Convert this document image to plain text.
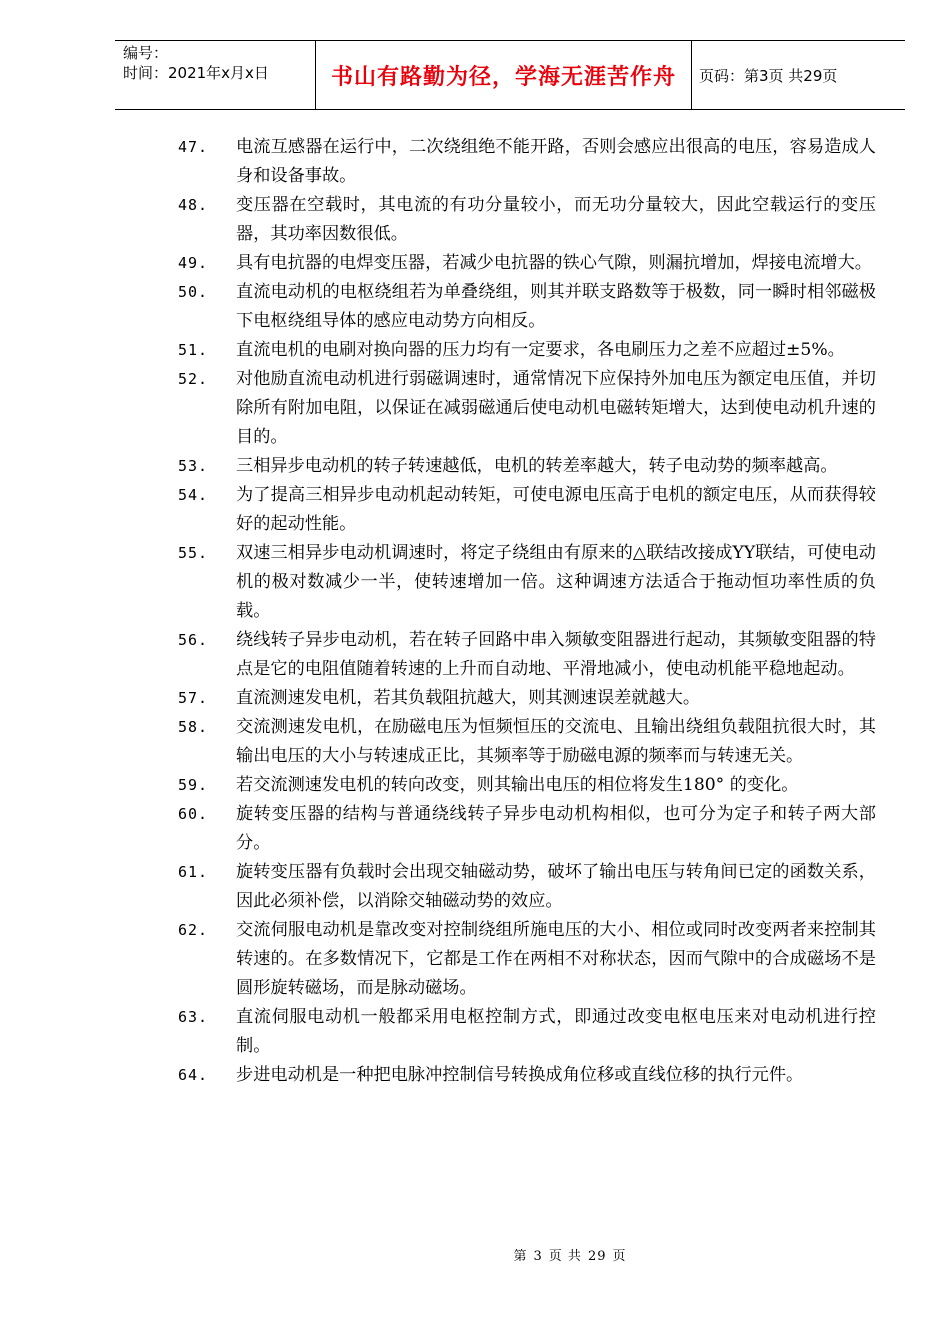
编号：
时间：2021年x月x日	书山有路勤为径，学海无涯苦作舟	页码：第3页 共29页
47.	电流互感器在运行中，二次绕组绝不能开路，否则会感应出很高的电压，容易造成人身和设备事故。
48.	变压器在空载时，其电流的有功分量较小，而无功分量较大，因此空载运行的变压器，其功率因数很低。
49.	具有电抗器的电焊变压器，若减少电抗器的铁心气隙，则漏抗增加，焊接电流增大。
50.	直流电动机的电枢绕组若为单叠绕组，则其并联支路数等于极数，同一瞬时相邻磁极下电枢绕组导体的感应电动势方向相反。
51.	直流电机的电刷对换向器的压力均有一定要求，各电刷压力之差不应超过±5%。
52.	对他励直流电动机进行弱磁调速时，通常情况下应保持外加电压为额定电压值，并切除所有附加电阻，以保证在减弱磁通后使电动机电磁转矩增大，达到使电动机升速的目的。
53.	三相异步电动机的转子转速越低，电机的转差率越大，转子电动势的频率越高。
54.	为了提高三相异步电动机起动转矩，可使电源电压高于电机的额定电压，从而获得较好的起动性能。
55.	双速三相异步电动机调速时，将定子绕组由有原来的△联结改接成YY联结，可使电动机的极对数减少一半，使转速增加一倍。这种调速方法适合于拖动恒功率性质的负载。
56.	绕线转子异步电动机，若在转子回路中串入频敏变阻器进行起动，其频敏变阻器的特点是它的电阻值随着转速的上升而自动地、平滑地减小，使电动机能平稳地起动。
57.	直流测速发电机，若其负载阻抗越大，则其测速误差就越大。
58.	交流测速发电机，在励磁电压为恒频恒压的交流电、且输出绕组负载阻抗很大时，其输出电压的大小与转速成正比，其频率等于励磁电源的频率而与转速无关。
59.	若交流测速发电机的转向改变，则其输出电压的相位将发生180° 的变化。
60.	旋转变压器的结构与普通绕线转子异步电动机构相似，也可分为定子和转子两大部分。
61.	旋转变压器有负载时会出现交轴磁动势，破坏了输出电压与转角间已定的函数关系，因此必须补偿，以消除交轴磁动势的效应。
62.	交流伺服电动机是靠改变对控制绕组所施电压的大小、相位或同时改变两者来控制其转速的。在多数情况下，它都是工作在两相不对称状态，因而气隙中的合成磁场不是圆形旋转磁场，而是脉动磁场。
63.	直流伺服电动机一般都采用电枢控制方式，即通过改变电枢电压来对电动机进行控制。
64.	步进电动机是一种把电脉冲控制信号转换成角位移或直线位移的执行元件。
第 3 页 共 29 页
